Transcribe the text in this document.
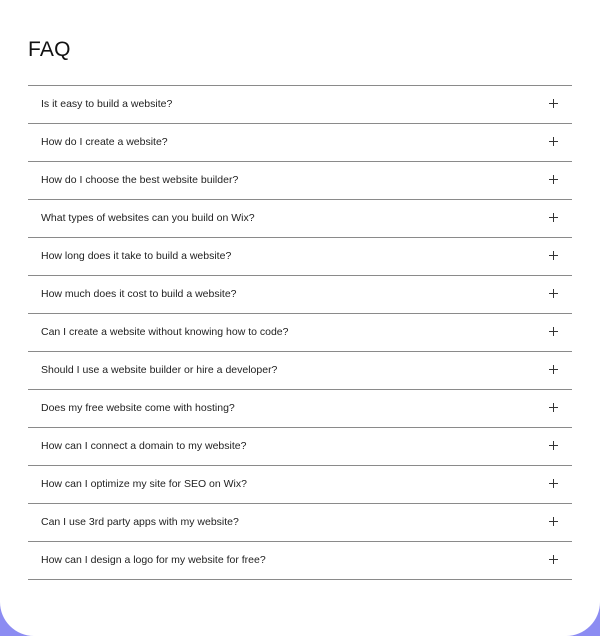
FAQ
Is it easy to build a website?
How do I create a website?
How do I choose the best website builder?
What types of websites can you build on Wix?
How long does it take to build a website?
How much does it cost to build a website?
Can I create a website without knowing how to code?
Should I use a website builder or hire a developer?
Does my free website come with hosting?
How can I connect a domain to my website?
How can I optimize my site for SEO on Wix?
Can I use 3rd party apps with my website?
How can I design a logo for my website for free?
